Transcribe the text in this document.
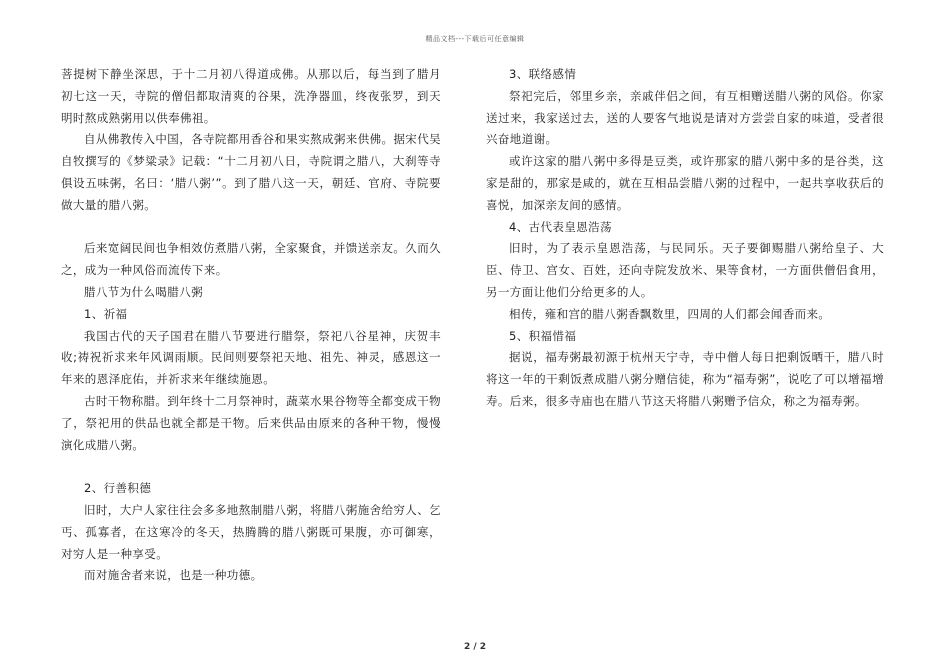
精品文档---下载后可任意编辑

菩提树下静坐深思，于十二月初八得道成佛。从那以后，每当到了腊月初七这一天，寺院的僧侣都取清爽的谷果，洗净器皿，终夜张罗，到天明时熬成熟粥用以供奉佛祖。

自从佛教传入中国，各寺院都用香谷和果实熬成粥来供佛。据宋代吴自牧撰写的《梦粱录》记载：“十二月初八日，寺院谓之腊八，大刹等寺俱设五味粥，名曰：‘腊八粥’”。到了腊八这一天，朝廷、官府、寺院要做大量的腊八粥。

后来宽阔民间也争相效仿煮腊八粥，全家聚食，并馈送亲友。久而久之，成为一种风俗而流传下来。

腊八节为什么喝腊八粥

1、祈福

我国古代的天子国君在腊八节要进行腊祭，祭祀八谷星神，庆贺丰收;祷祝祈求来年风调雨顺。民间则要祭祀天地、祖先、神灵，感恩这一年来的恩泽庇佑，并祈求来年继续施恩。

古时干物称腊。到年终十二月祭神时，蔬菜水果谷物等全都变成干物了，祭祀用的供品也就全都是干物。后来供品由原来的各种干物，慢慢演化成腊八粥。

2、行善积德

旧时，大户人家往往会多多地熬制腊八粥，将腊八粥施舍给穷人、乞丐、孤寡者，在这寒冷的冬天，热腾腾的腊八粥既可果腹，亦可御寒，对穷人是一种享受。

而对施舍者来说，也是一种功德。

3、联络感情

祭祀完后，邻里乡亲，亲戚伴侣之间，有互相赠送腊八粥的风俗。你家送过来，我家送过去，送的人要客气地说是请对方尝尝自家的味道，受者很兴奋地道谢。

或许这家的腊八粥中多得是豆类，或许那家的腊八粥中多的是谷类，这家是甜的，那家是咸的，就在互相品尝腊八粥的过程中，一起共享收获后的喜悦，加深亲友间的感情。

4、古代表皇恩浩荡

旧时，为了表示皇恩浩荡，与民同乐。天子要御赐腊八粥给皇子、大臣、侍卫、宫女、百姓，还向寺院发放米、果等食材，一方面供僧侣食用，另一方面让他们分给更多的人。

相传，雍和宫的腊八粥香飘数里，四周的人们都会闻香而来。

5、积福惜福

据说，福寿粥最初源于杭州天宁寺，寺中僧人每日把剩饭晒干，腊八时将这一年的干剩饭煮成腊八粥分赠信徒，称为“福寿粥”，说吃了可以增福增寿。后来，很多寺庙也在腊八节这天将腊八粥赠予信众，称之为福寿粥。

2 / 2
